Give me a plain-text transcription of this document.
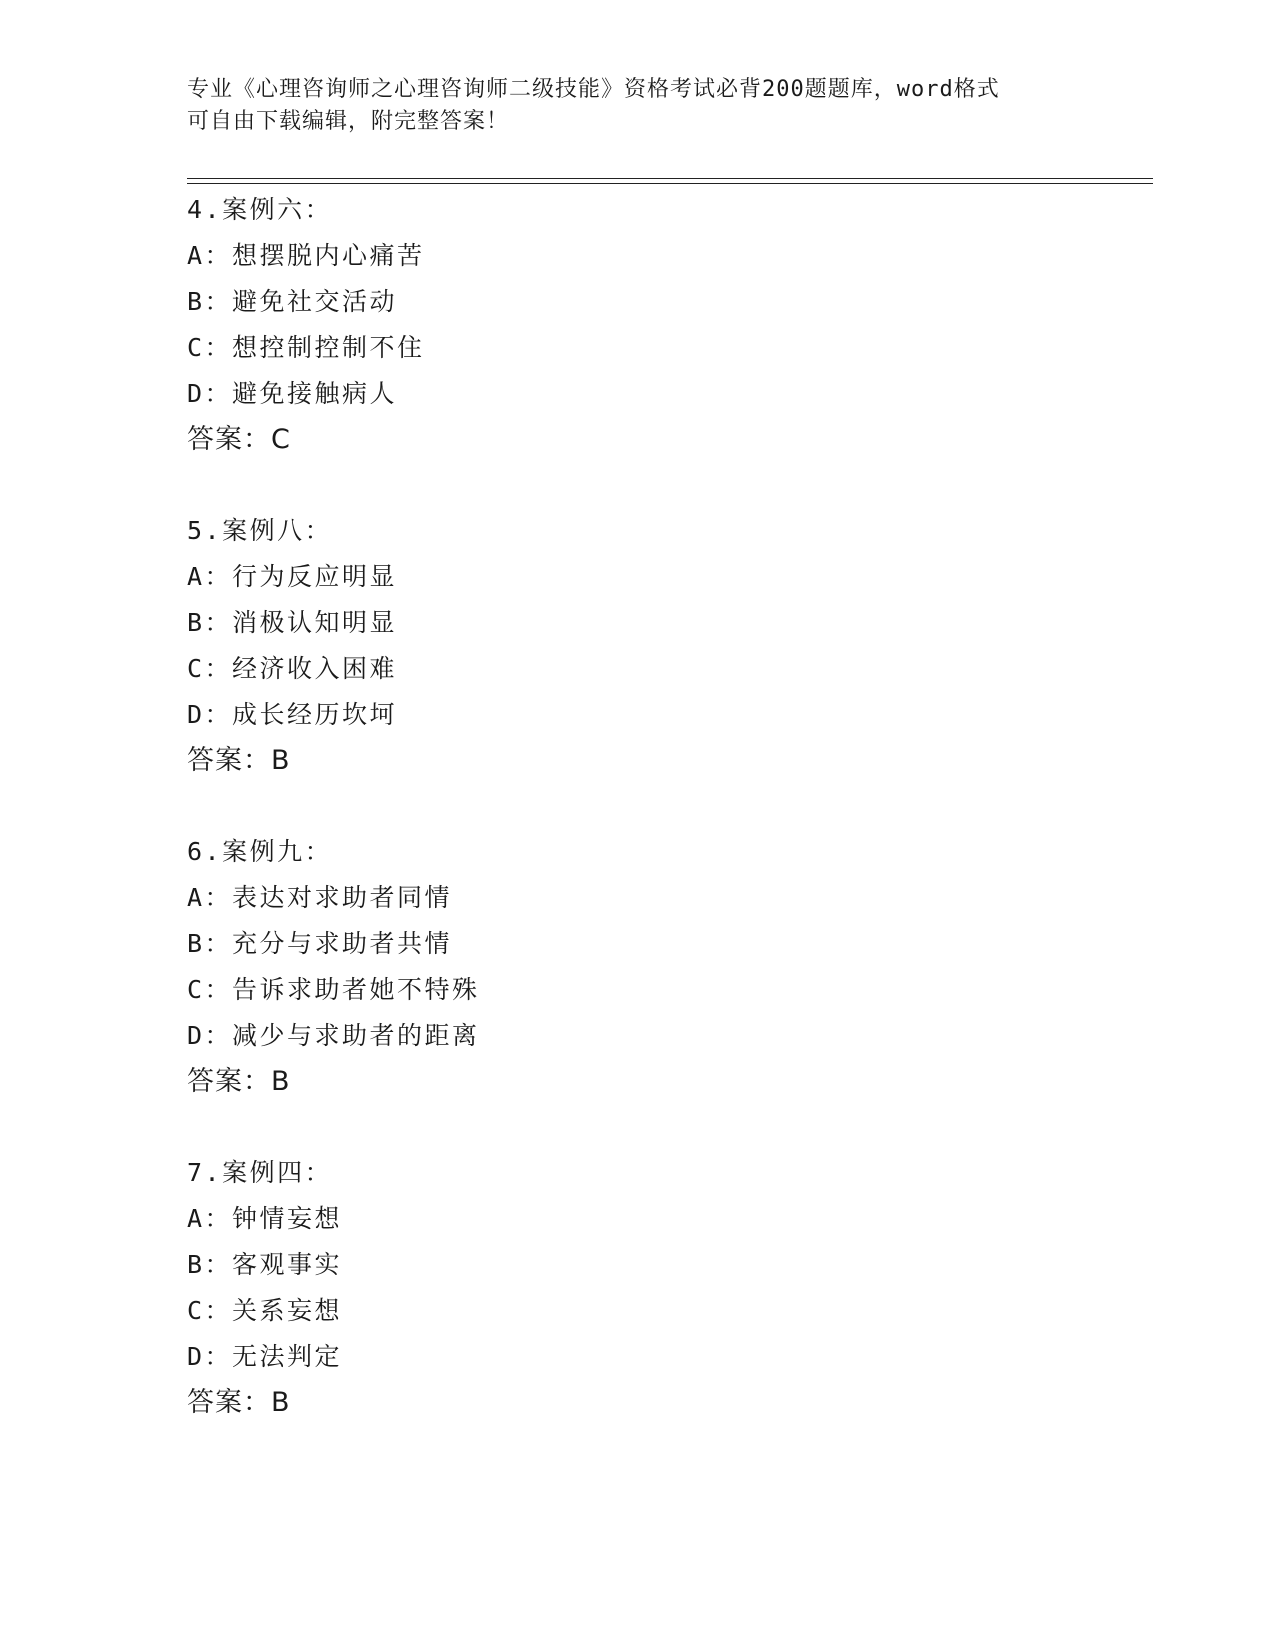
专业《心理咨询师之心理咨询师二级技能》资格考试必背200题题库，word格式
可自由下载编辑，附完整答案！
4.案例六：
A：想摆脱内心痛苦
B：避免社交活动
C：想控制控制不住
D：避免接触病人
答案：C
5.案例八：
A：行为反应明显
B：消极认知明显
C：经济收入困难
D：成长经历坎坷
答案：B
6.案例九：
A：表达对求助者同情
B：充分与求助者共情
C：告诉求助者她不特殊
D：减少与求助者的距离
答案：B
7.案例四：
A：钟情妄想
B：客观事实
C：关系妄想
D：无法判定
答案：B
